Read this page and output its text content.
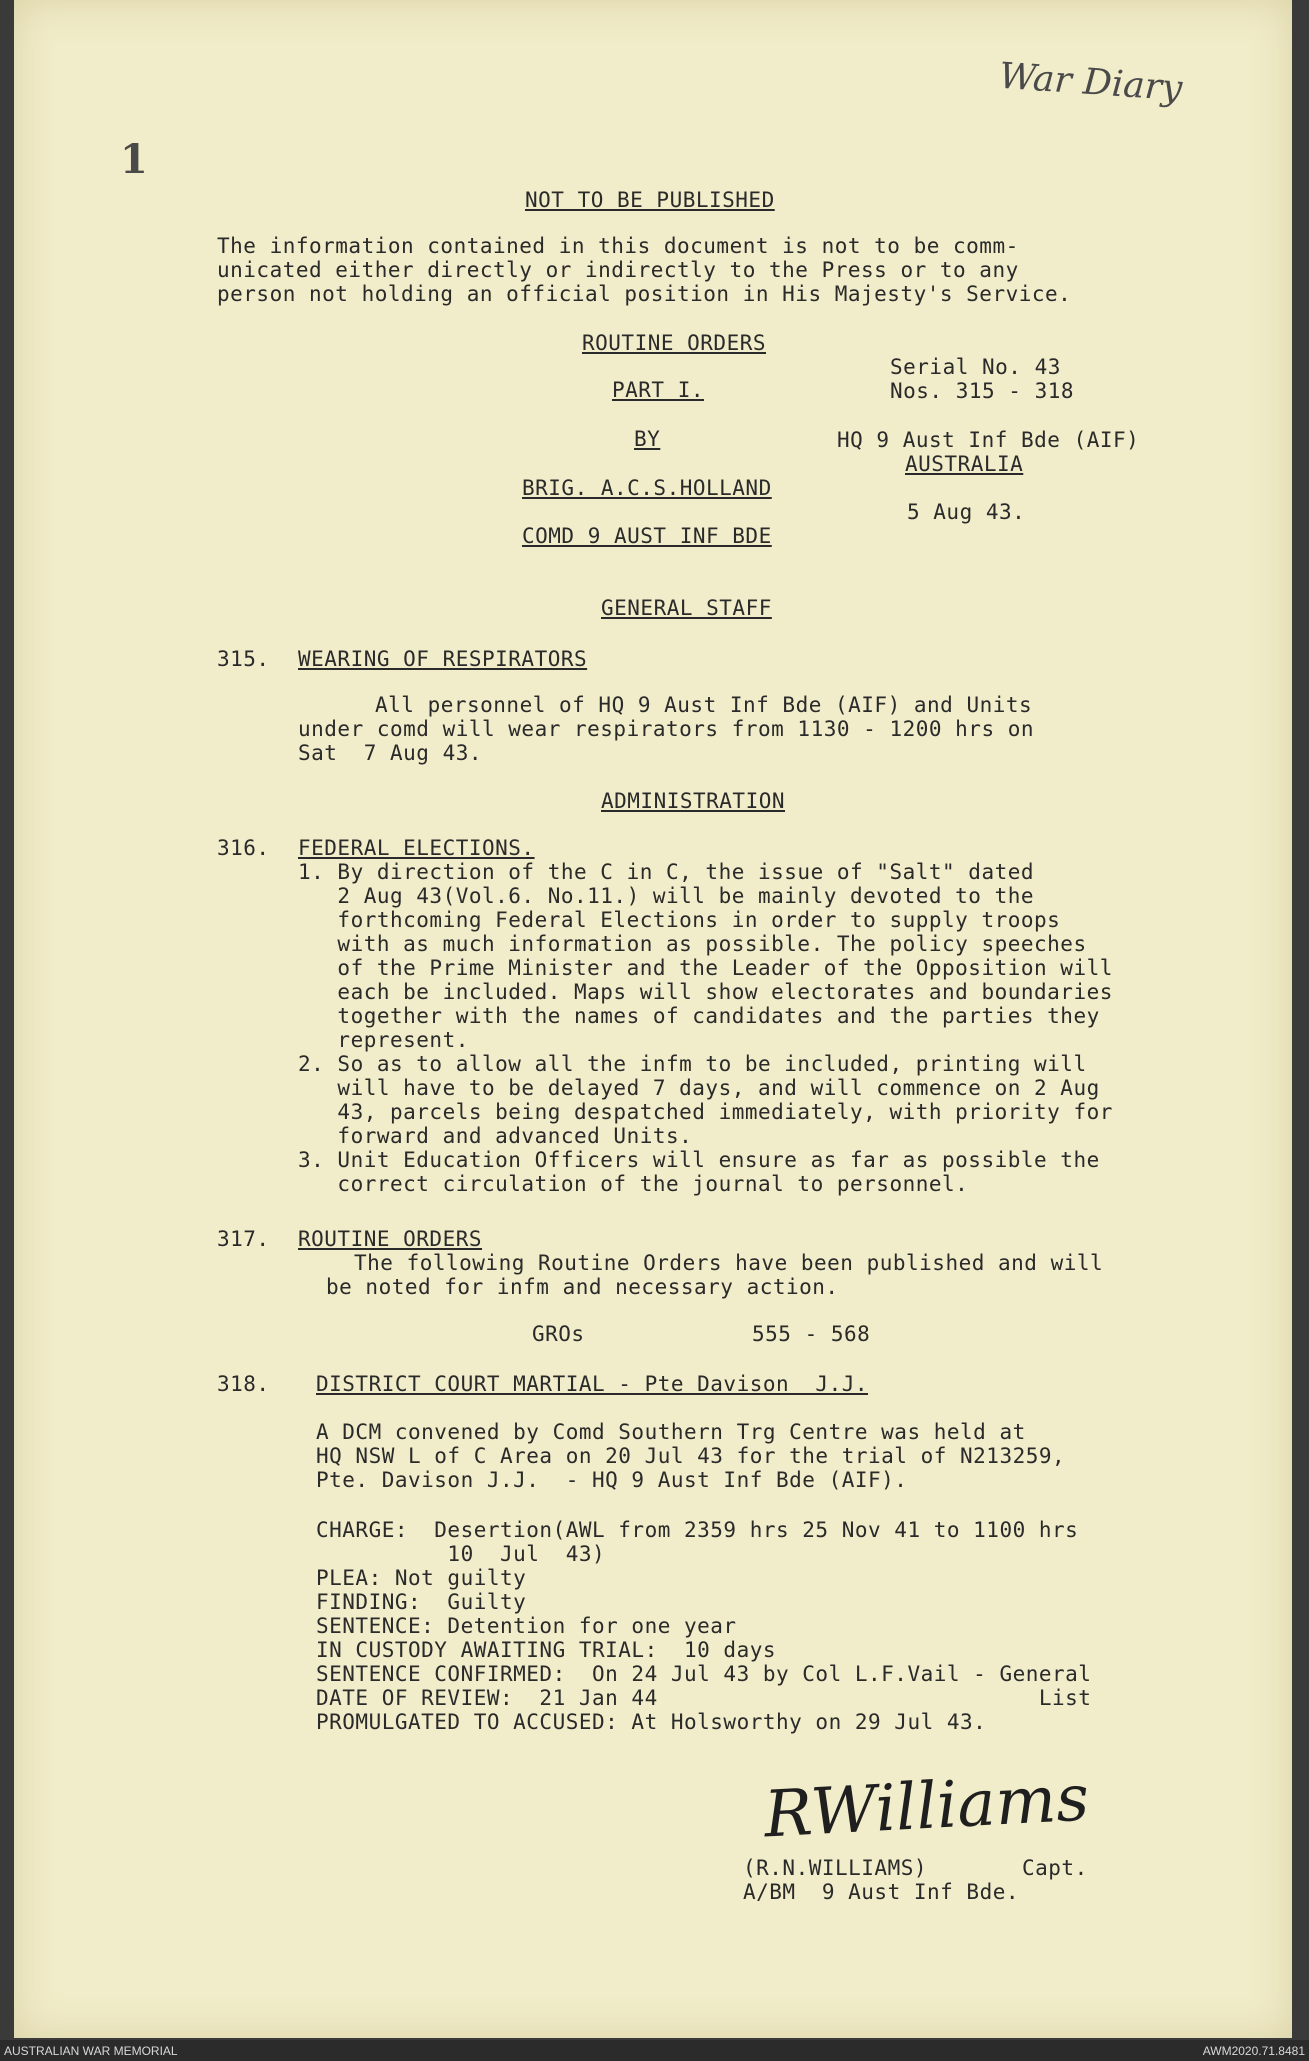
War Diary
1
NOT TO BE PUBLISHED
The information contained in this document is not to be comm-
unicated either directly or indirectly to the Press or to any
person not holding an official position in His Majesty's Service.
ROUTINE ORDERS
PART I.
BY
BRIG. A.C.S.HOLLAND
COMD 9 AUST INF BDE
Serial No. 43
Nos. 315 - 318
HQ 9 Aust Inf Bde (AIF)
AUSTRALIA
5 Aug 43.
GENERAL STAFF
315. WEARING OF RESPIRATORS
All personnel of HQ 9 Aust Inf Bde (AIF) and Units
under comd will wear respirators from 1130 - 1200 hrs on
Sat  7 Aug 43.
ADMINISTRATION
316. FEDERAL ELECTIONS.
1. By direction of the C in C, the issue of "Salt" dated
2 Aug 43(Vol.6. No.11.) will be mainly devoted to the
forthcoming Federal Elections in order to supply troops
with as much information as possible. The policy speeches
of the Prime Minister and the Leader of the Opposition will
each be included. Maps will show electorates and boundaries
together with the names of candidates and the parties they
represent.
2. So as to allow all the infm to be included, printing will
will have to be delayed 7 days, and will commence on 2 Aug
43, parcels being despatched immediately, with priority for
forward and advanced Units.
3. Unit Education Officers will ensure as far as possible the
correct circulation of the journal to personnel.
317. ROUTINE ORDERS
The following Routine Orders have been published and will
be noted for infm and necessary action.
GROs	555 - 568
318. DISTRICT COURT MARTIAL - Pte Davison  J.J.
A DCM convened by Comd Southern Trg Centre was held at
HQ NSW L of C Area on 20 Jul 43 for the trial of N213259,
Pte. Davison J.J.  - HQ 9 Aust Inf Bde (AIF).
CHARGE:  Desertion(AWL from 2359 hrs 25 Nov 41 to 1100 hrs
10  Jul  43)
PLEA: Not guilty
FINDING:  Guilty
SENTENCE: Detention for one year
IN CUSTODY AWAITING TRIAL:  10 days
SENTENCE CONFIRMED:  On 24 Jul 43 by Col L.F.Vail - General
DATE OF REVIEW:  21 Jan 44                             List
PROMULGATED TO ACCUSED: At Holsworthy on 29 Jul 43.
RWilliams
(R.N.WILLIAMS)	Capt.
A/BM  9 Aust Inf Bde.
AUSTRALIAN WAR MEMORIAL	AWM2020.71.8481
